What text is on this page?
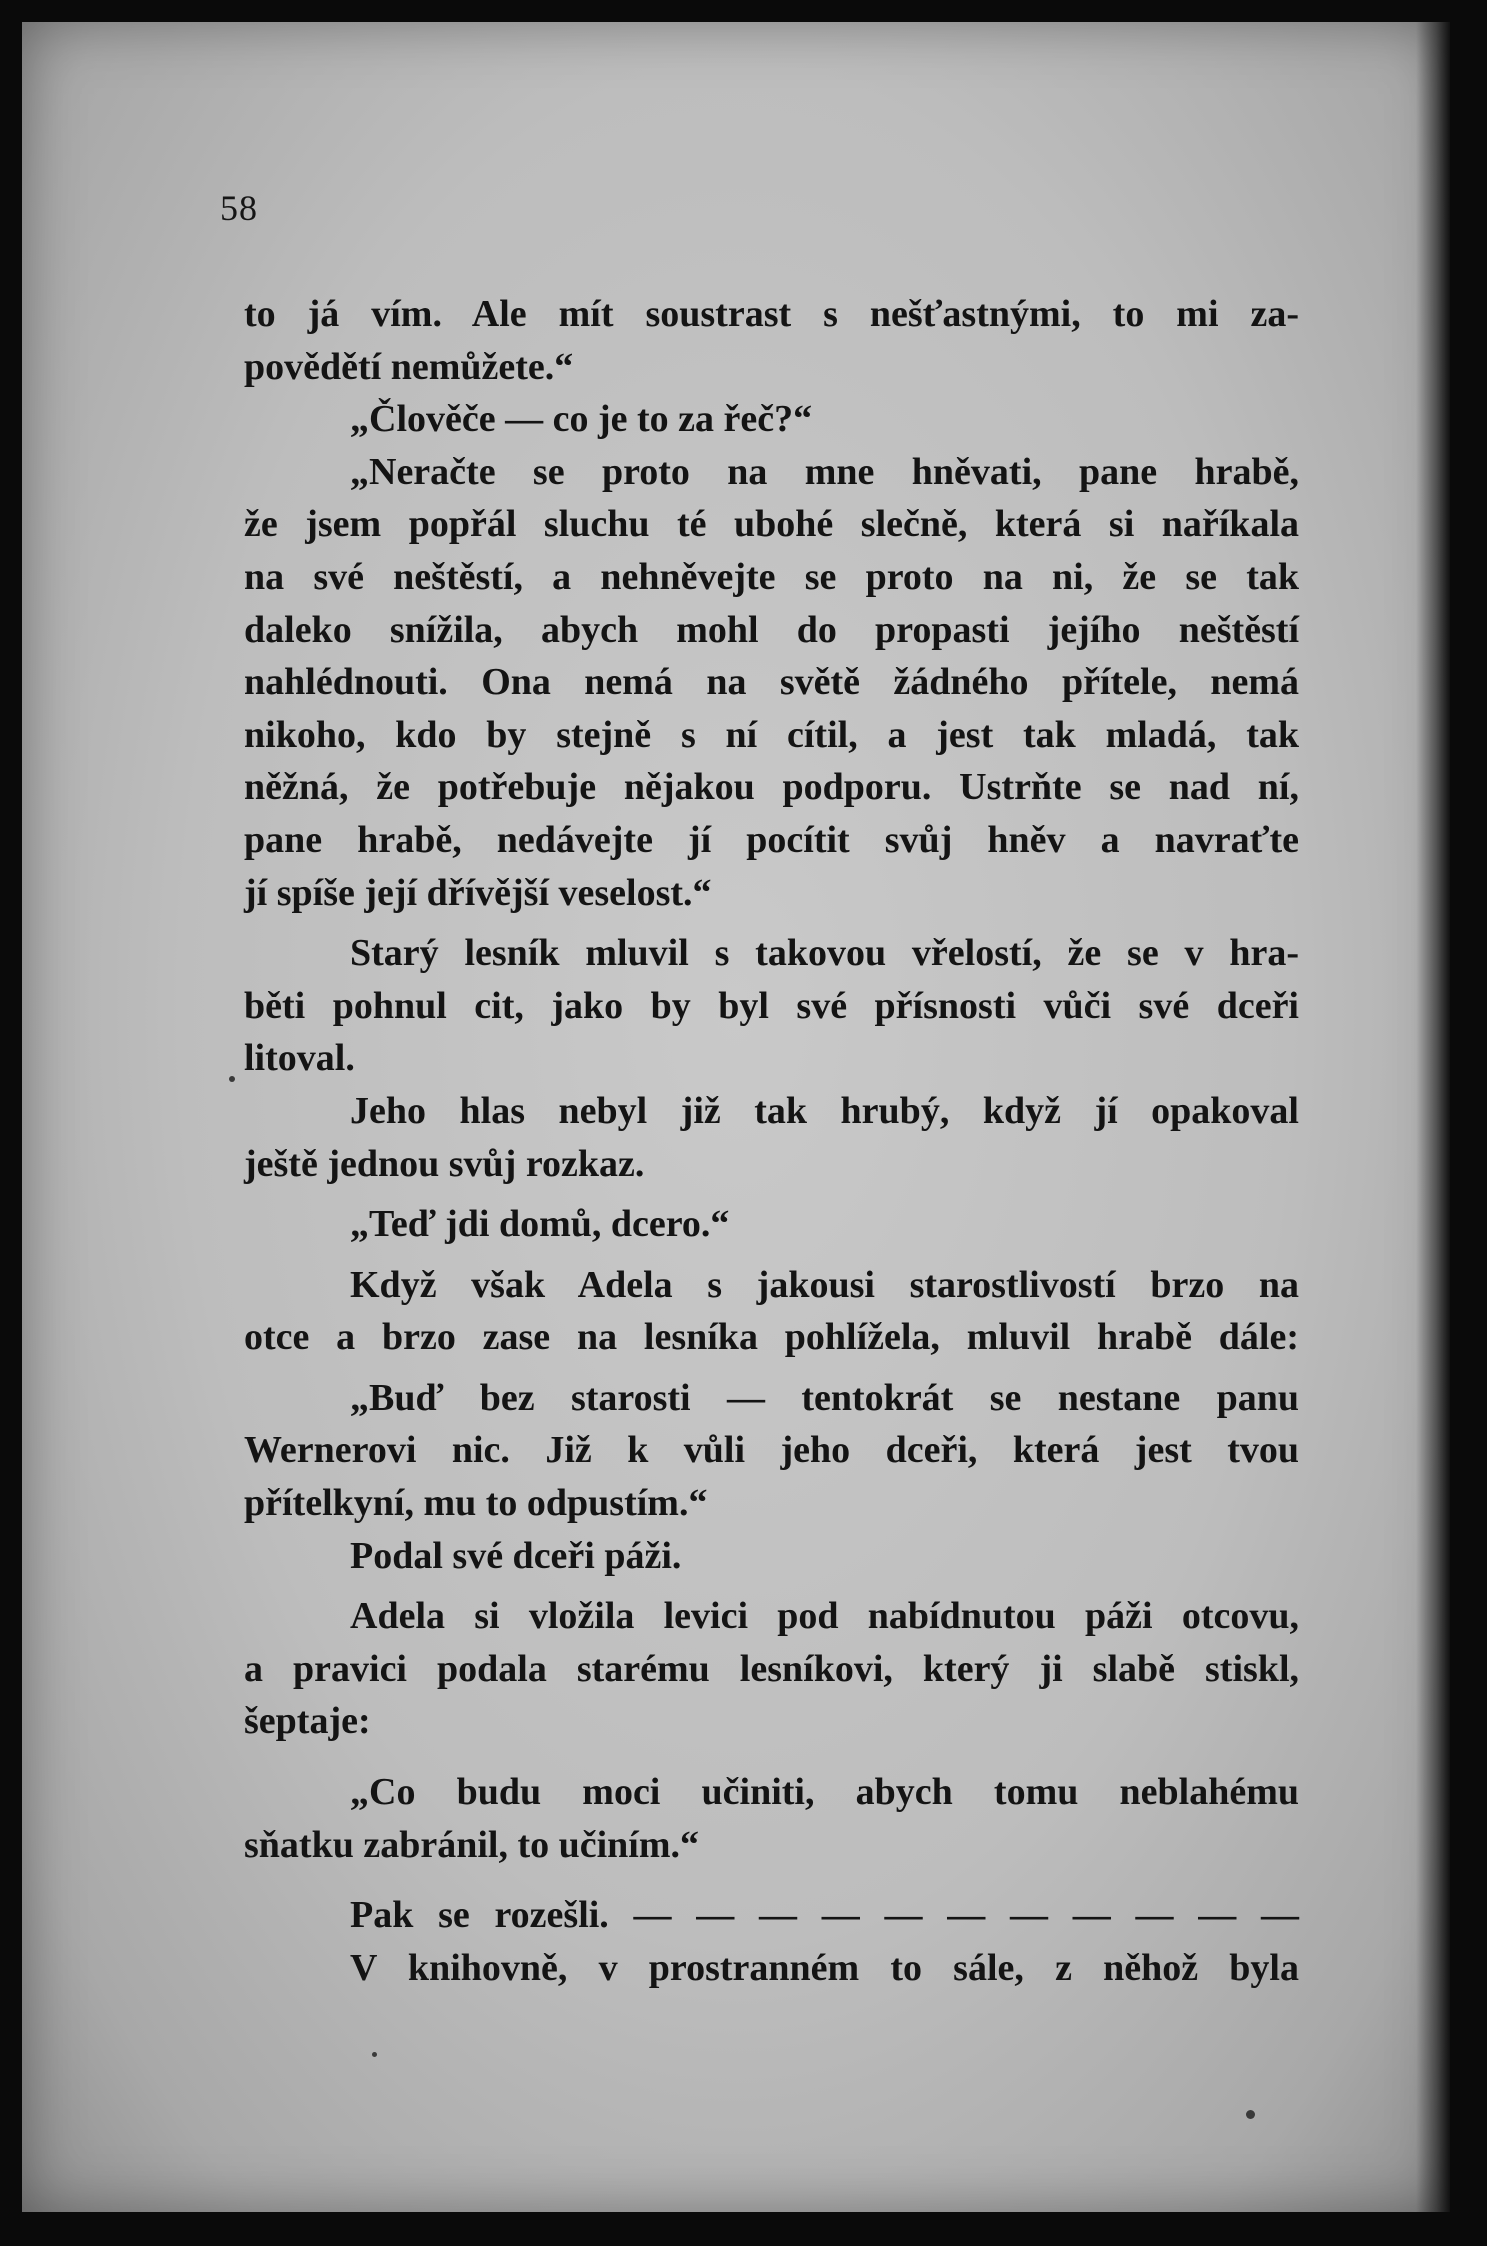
58
to já vím. Ale mít soustrast s nešťastnými, to mi za-
povědětí nemůžete.“
„Člověče — co je to za řeč?“
„Neračte se proto na mne hněvati, pane hrabě,
že jsem popřál sluchu té ubohé slečně, která si naříkala
na své neštěstí, a nehněvejte se proto na ni, že se tak
daleko snížila, abych mohl do propasti jejího neštěstí
nahlédnouti. Ona nemá na světě žádného přítele, nemá
nikoho, kdo by stejně s ní cítil, a jest tak mladá, tak
něžná, že potřebuje nějakou podporu. Ustrňte se nad ní,
pane hrabě, nedávejte jí pocítit svůj hněv a navraťte
jí spíše její dřívější veselost.“
Starý lesník mluvil s takovou vřelostí, že se v hra-
běti pohnul cit, jako by byl své přísnosti vůči své dceři
litoval.
Jeho hlas nebyl již tak hrubý, když jí opakoval
ještě jednou svůj rozkaz.
„Teď jdi domů, dcero.“
Když však Adela s jakousi starostlivostí brzo na
otce a brzo zase na lesníka pohlížela, mluvil hrabě dále:
„Buď bez starosti — tentokrát se nestane panu
Wernerovi nic. Již k vůli jeho dceři, která jest tvou
přítelkyní, mu to odpustím.“
Podal své dceři páži.
Adela si vložila levici pod nabídnutou páži otcovu,
a pravici podala starému lesníkovi, který ji slabě stiskl,
šeptaje:
„Co budu moci učiniti, abych tomu neblahému
sňatku zabránil, to učiním.“
Pak se rozešli. — — — — — — — — — — —
V knihovně, v prostranném to sále, z něhož byla
